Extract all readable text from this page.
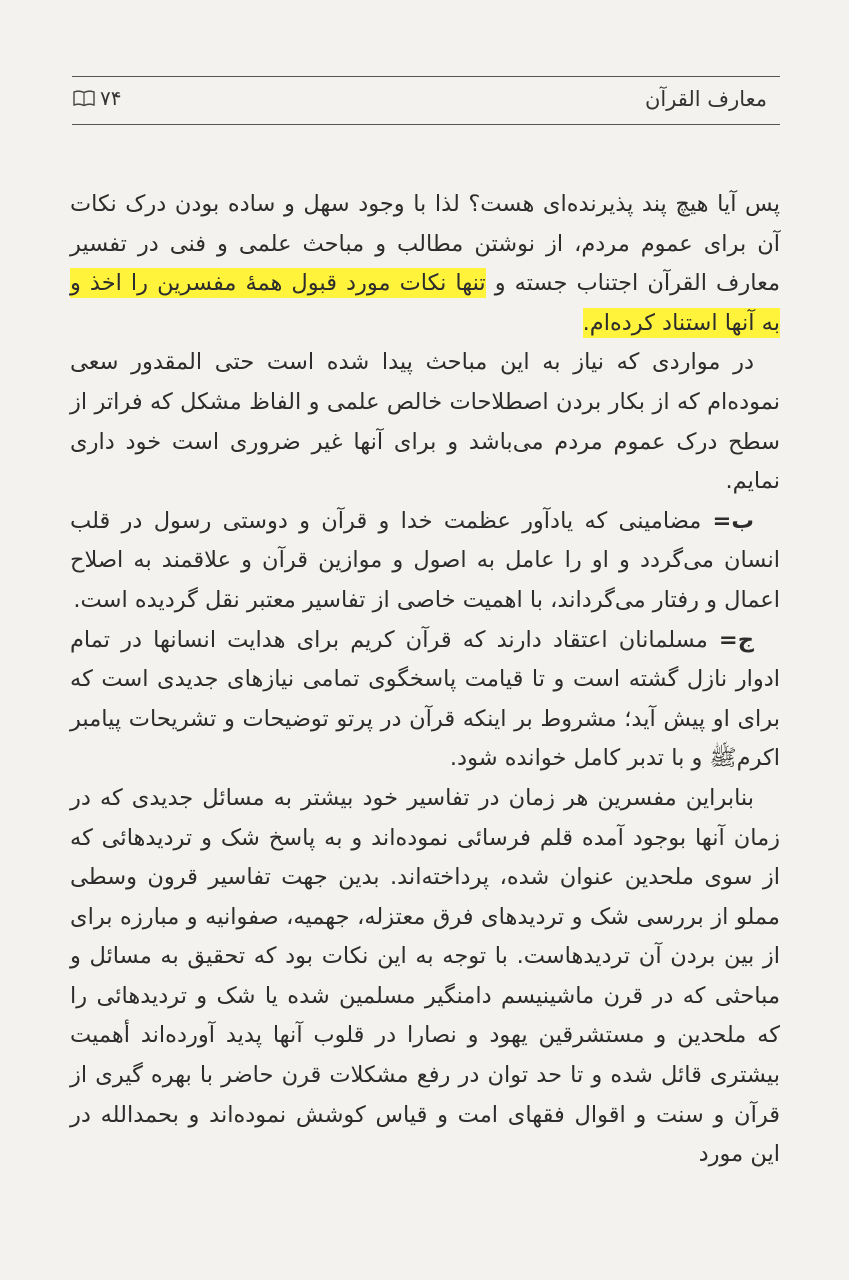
معارف القرآن
۷۴

پس آیا هیچ پند پذیرنده‌ای هست؟ لذا با وجود سهل و ساده بودن درک نکات آن برای عموم مردم، از نوشتن مطالب و مباحث علمی و فنی در تفسیر معارف القرآن اجتناب جسته و تنها نکات مورد قبول همهٔ مفسرین را اخذ و به آنها استناد کرده‌ام.

در مواردی که نیاز به این مباحث پیدا شده است حتی المقدور سعی نموده‌ام که از بکار بردن اصطلاحات خالص علمی و الفاظ مشکل که فراتر از سطح درک عموم مردم می‌باشد و برای آنها غیر ضروری است خود داری نمایم.

ب= مضامینی که یادآور عظمت خدا و قرآن و دوستی رسول در قلب انسان می‌گردد و او را عامل به اصول و موازین قرآن و علاقمند به اصلاح اعمال و رفتار می‌گرداند، با اهمیت خاصی از تفاسیر معتبر نقل گردیده است.

ج= مسلمانان اعتقاد دارند که قرآن کریم برای هدایت انسانها در تمام ادوار نازل گشته است و تا قیامت پاسخگوی تمامی نیازهای جدیدی است که برای او پیش آید؛ مشروط بر اینکه قرآن در پرتو توضیحات و تشریحات پیامبر اکرمﷺ و با تدبر کامل خوانده شود.

بنابراین مفسرین هر زمان در تفاسیر خود بیشتر به مسائل جدیدی که در زمان آنها بوجود آمده قلم فرسائی نموده‌اند و به پاسخ شک و تردیدهائی که از سوی ملحدین عنوان شده، پرداخته‌اند. بدین جهت تفاسیر قرون وسطی مملو از بررسی شک و تردیدهای فرق معتزله، جهمیه، صفوانیه و مبارزه برای از بین بردن آن تردیدهاست. با توجه به این نکات بود که تحقیق به مسائل و مباحثی که در قرن ماشینیسم دامنگیر مسلمین شده یا شک و تردیدهائی را که ملحدین و مستشرقین یهود و نصارا در قلوب آنها پدید آورده‌اند أهمیت بیشتری قائل شده و تا حد توان در رفع مشکلات قرن حاضر با بهره گیری از قرآن و سنت و اقوال فقهای امت و قیاس کوشش نموده‌اند و بحمدالله در این مورد
